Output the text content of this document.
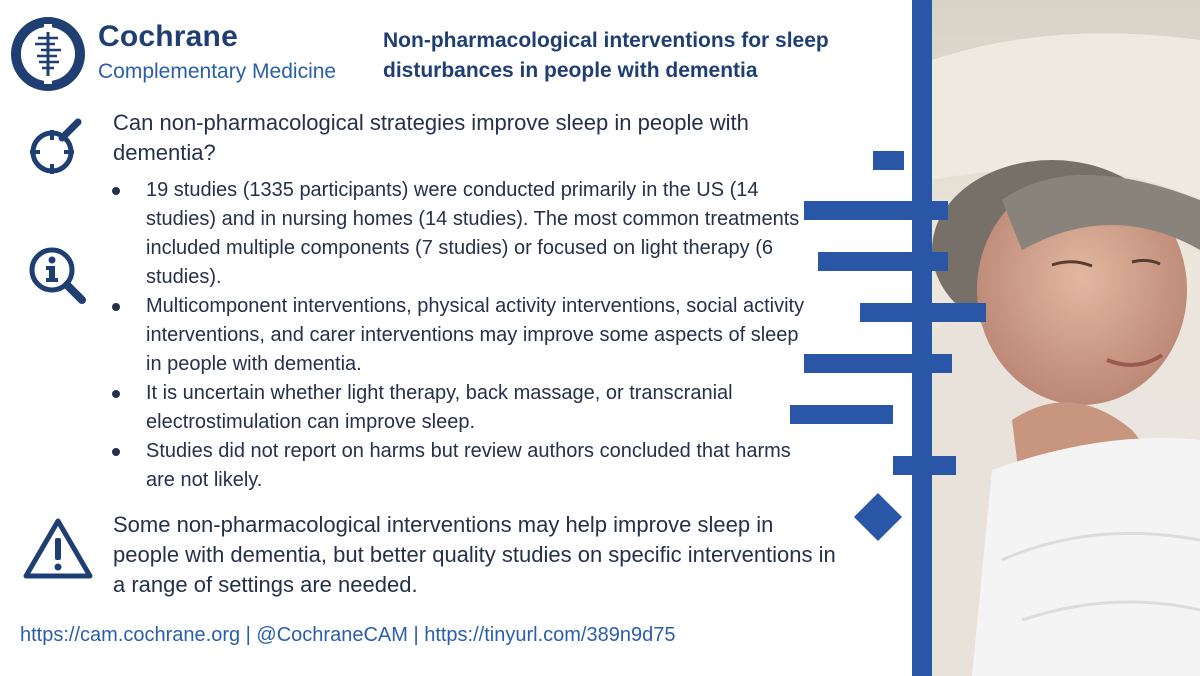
Cochrane
Complementary Medicine
Non-pharmacological interventions for sleep disturbances in people with dementia
Can non-pharmacological strategies improve sleep in people with dementia?
19 studies (1335 participants) were conducted primarily in the US (14 studies) and in nursing homes (14 studies). The most common treatments included multiple components (7 studies) or focused on light therapy (6 studies).
Multicomponent interventions, physical activity interventions, social activity interventions, and carer interventions may improve some aspects of sleep in people with dementia.
It is uncertain whether light therapy, back massage, or transcranial electrostimulation can improve sleep.
Studies did not report on harms but review authors concluded that harms are not likely.
Some non-pharmacological interventions may help improve sleep in people with dementia, but better quality studies on specific interventions in a range of settings are needed.
https://cam.cochrane.org | @CochraneCAM | https://tinyurl.com/389n9d75
